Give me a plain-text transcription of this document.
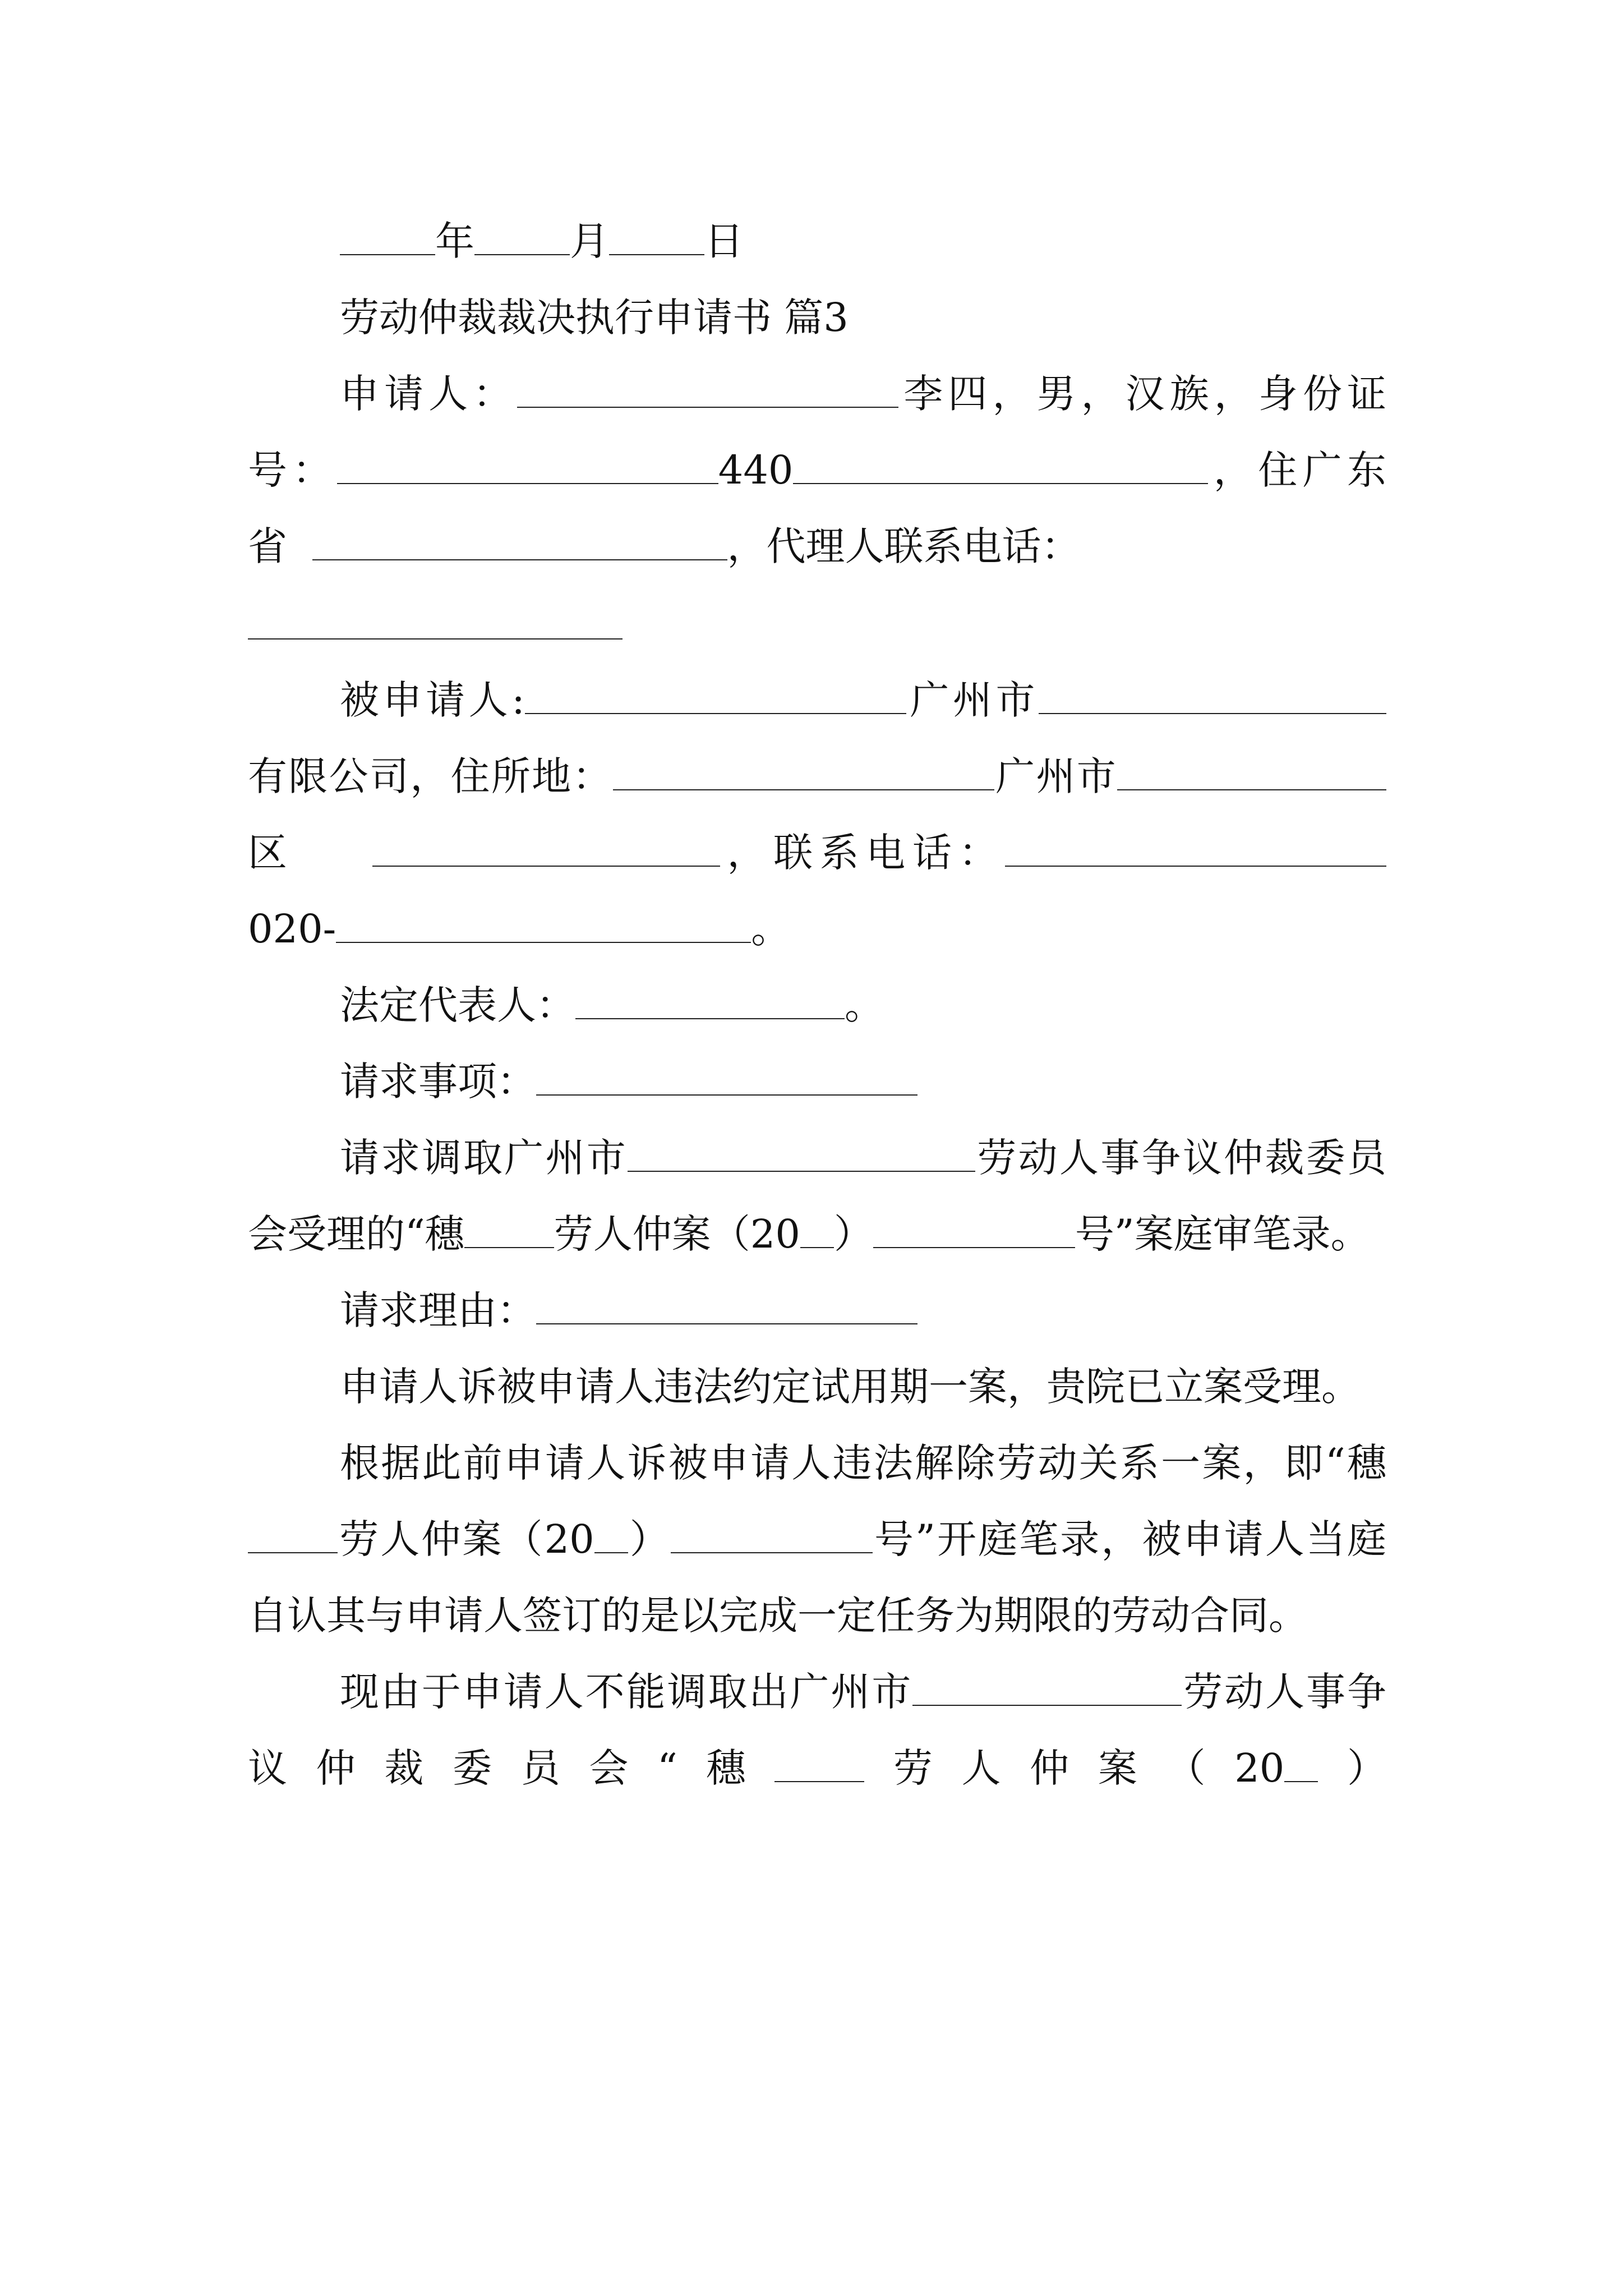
年 月 日

劳动仲裁裁决执行申请书 篇3

申请人：	李四，男，汉族，身份证号：	440	，住广东省	，代理人联系电话：

被申请人:	广州市有限公司，住所地：	广州市区	，联系电话：020-	。

法定代表人：	。

请求事项：

请求调取广州市	劳动人事争议仲裁委员会受理的“穗 劳人仲案（20 ）	号”案庭审笔录。

请求理由：

申请人诉被申请人违法约定试用期一案，贵院已立案受理。

根据此前申请人诉被申请人违法解除劳动关系一案，即“穗劳人仲案（20 ）	号”开庭笔录，被申请人当庭自认其与申请人签订的是以完成一定任务为期限的劳动合同。

现由于申请人不能调取出广州市	劳动人事争议仲裁委员会“穗 劳人仲案（20 ）
